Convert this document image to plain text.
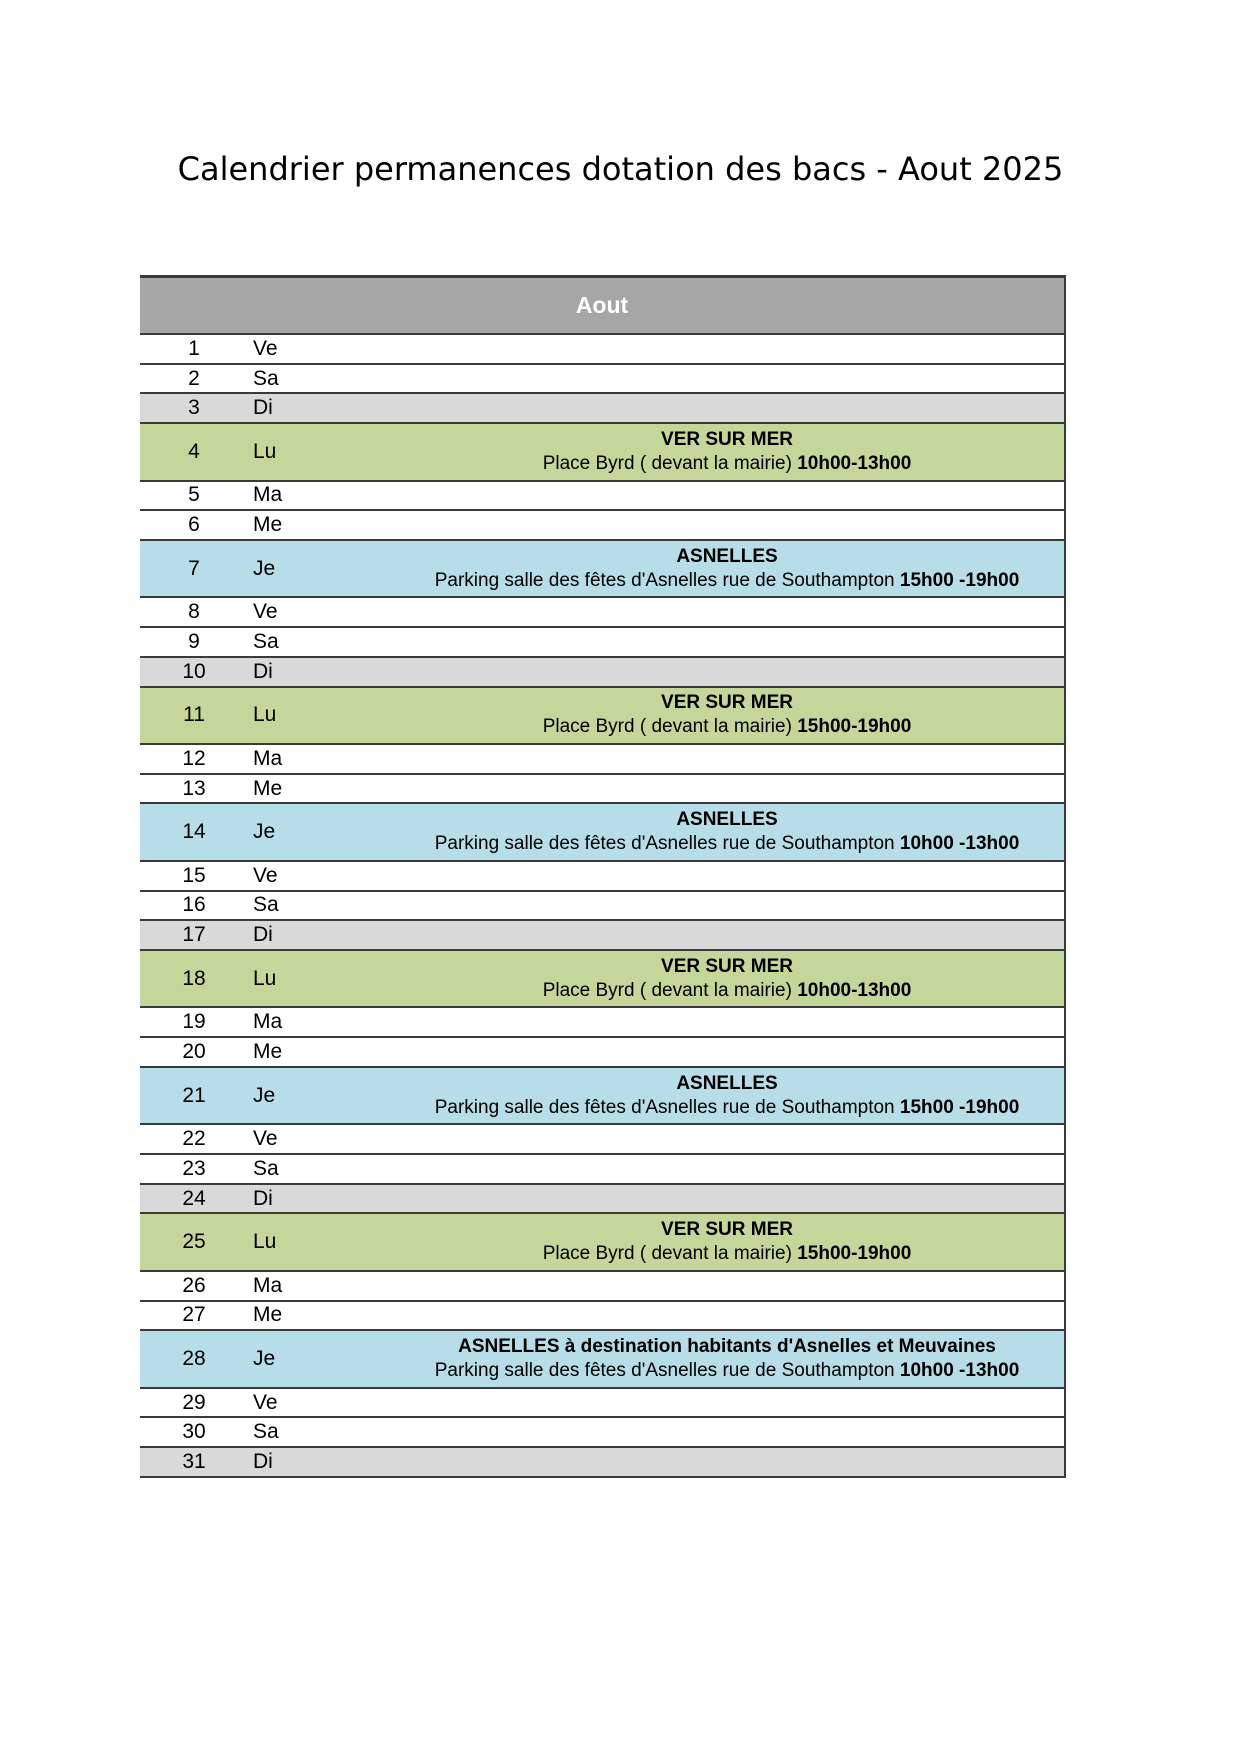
Calendrier permanences dotation des bacs - Aout 2025
Aout
1	Ve
2	Sa
3	Di
4	Lu
VER SUR MER
Place Byrd ( devant la mairie) 10h00-13h00
5	Ma
6	Me
7	Je
ASNELLES
Parking salle des fêtes d'Asnelles rue de Southampton 15h00 -19h00
8	Ve
9	Sa
10	Di
11	Lu
VER SUR MER
Place Byrd ( devant la mairie) 15h00-19h00
12	Ma
13	Me
14	Je
ASNELLES
Parking salle des fêtes d'Asnelles rue de Southampton 10h00 -13h00
15	Ve
16	Sa
17	Di
18	Lu
VER SUR MER
Place Byrd ( devant la mairie) 10h00-13h00
19	Ma
20	Me
21	Je
ASNELLES
Parking salle des fêtes d'Asnelles rue de Southampton 15h00 -19h00
22	Ve
23	Sa
24	Di
25	Lu
VER SUR MER
Place Byrd ( devant la mairie) 15h00-19h00
26	Ma
27	Me
28	Je
ASNELLES à destination habitants d'Asnelles et Meuvaines
Parking salle des fêtes d'Asnelles rue de Southampton 10h00 -13h00
29	Ve
30	Sa
31	Di
